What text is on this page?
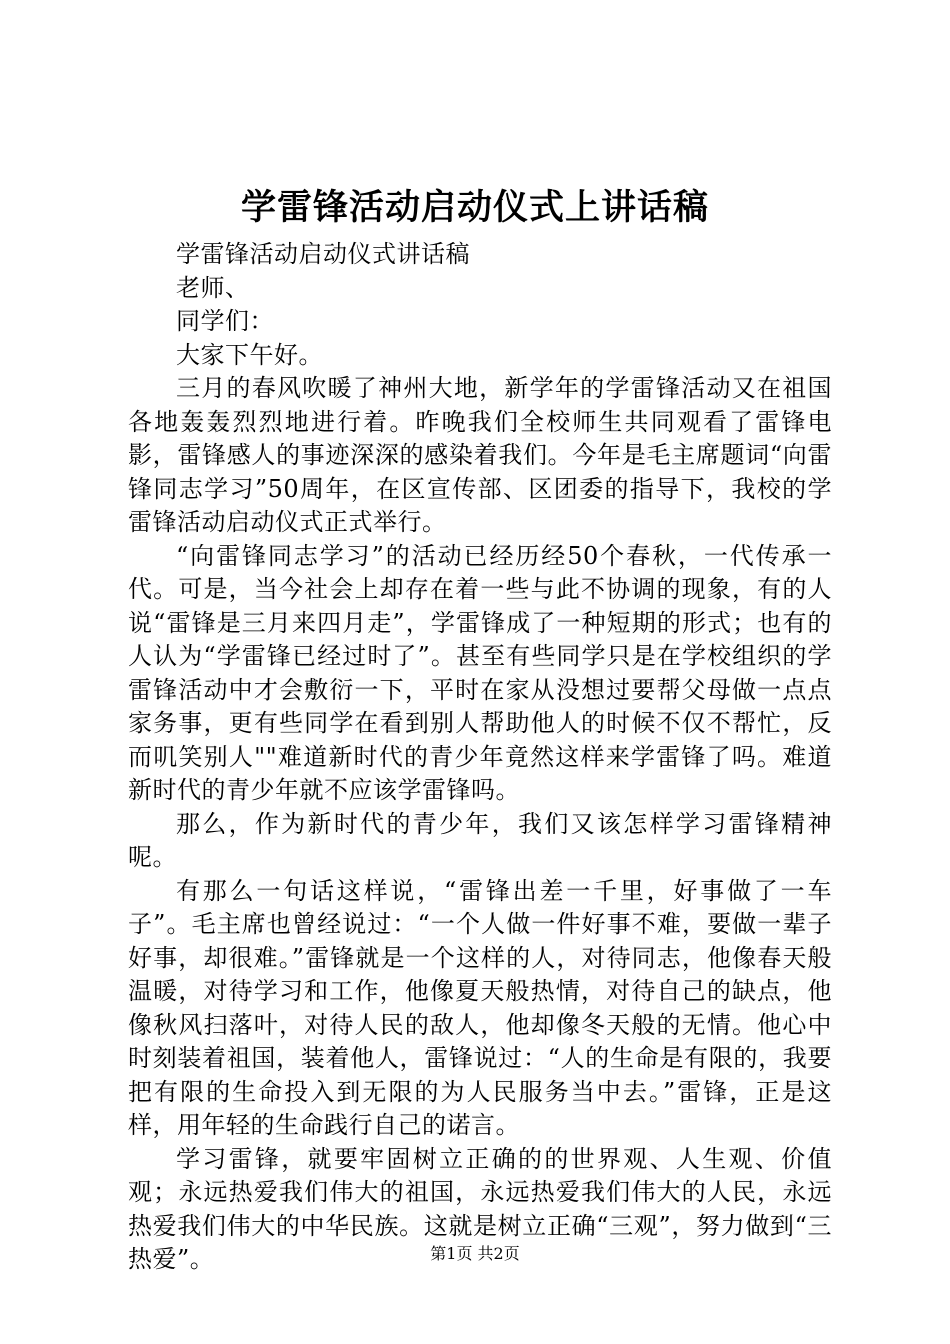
学雷锋活动启动仪式上讲话稿

学雷锋活动启动仪式讲话稿

老师、

同学们：

大家下午好。

三月的春风吹暖了神州大地，新学年的学雷锋活动又在祖国各地轰轰烈烈地进行着。昨晚我们全校师生共同观看了雷锋电影，雷锋感人的事迹深深的感染着我们。今年是毛主席题词“向雷锋同志学习”50周年，在区宣传部、区团委的指导下，我校的学雷锋活动启动仪式正式举行。

“向雷锋同志学习”的活动已经历经50个春秋，一代传承一代。可是，当今社会上却存在着一些与此不协调的现象，有的人说“雷锋是三月来四月走”，学雷锋成了一种短期的形式；也有的人认为“学雷锋已经过时了”。甚至有些同学只是在学校组织的学雷锋活动中才会敷衍一下，平时在家从没想过要帮父母做一点点家务事，更有些同学在看到别人帮助他人的时候不仅不帮忙，反而叽笑别人""难道新时代的青少年竟然这样来学雷锋了吗。难道新时代的青少年就不应该学雷锋吗。

那么，作为新时代的青少年，我们又该怎样学习雷锋精神呢。

有那么一句话这样说，“雷锋出差一千里，好事做了一车子”。毛主席也曾经说过：“一个人做一件好事不难，要做一辈子好事，却很难。”雷锋就是一个这样的人，对待同志，他像春天般温暖，对待学习和工作，他像夏天般热情，对待自己的缺点，他像秋风扫落叶，对待人民的敌人，他却像冬天般的无情。他心中时刻装着祖国，装着他人，雷锋说过：“人的生命是有限的，我要把有限的生命投入到无限的为人民服务当中去。”雷锋，正是这样，用年轻的生命践行自己的诺言。

学习雷锋，就要牢固树立正确的的世界观、人生观、价值观；永远热爱我们伟大的祖国，永远热爱我们伟大的人民，永远热爱我们伟大的中华民族。这就是树立正确“三观”，努力做到“三热爱”。	第1页 共2页
